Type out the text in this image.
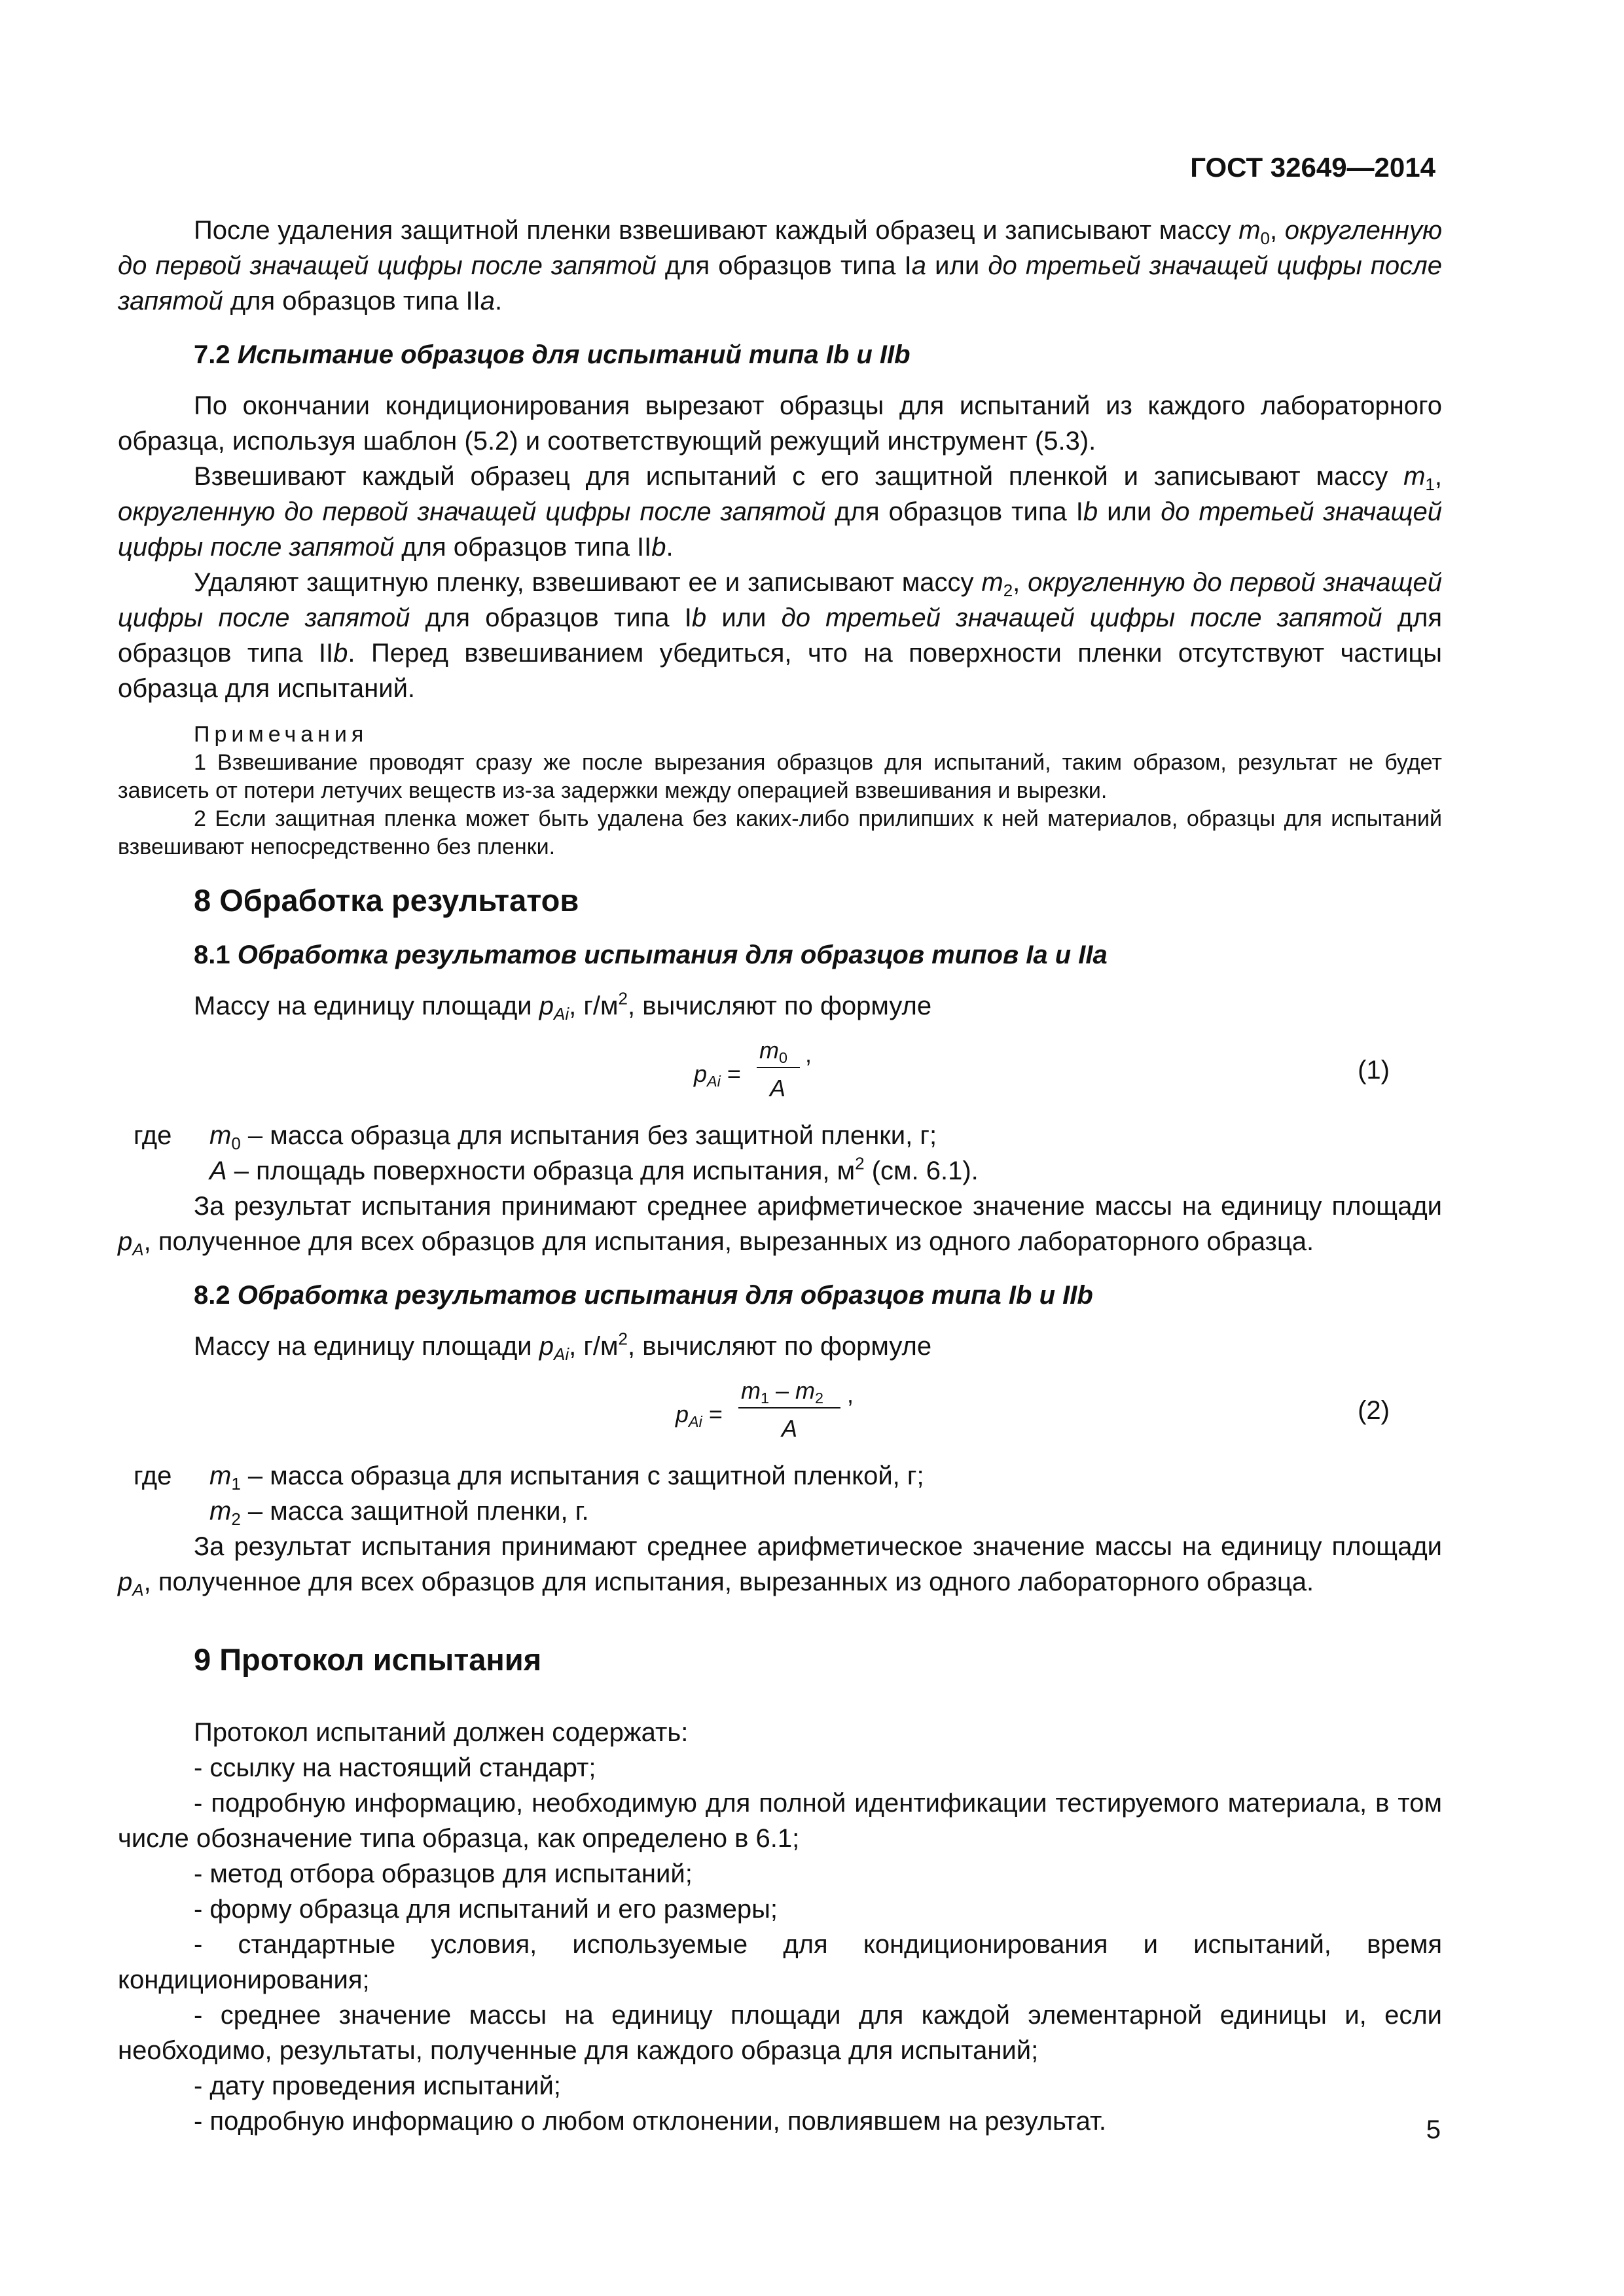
ГОСТ 32649—2014

После удаления защитной пленки взвешивают каждый образец и записывают массу $m_0$, округленную до первой значащей цифры после запятой для образцов типа Ia или до третьей значащей цифры после запятой для образцов типа IIa.

7.2 Испытание образцов для испытаний типа Ib и IIb

По окончании кондиционирования вырезают образцы для испытаний из каждого лабораторного образца, используя шаблон (5.2) и соответствующий режущий инструмент (5.3).

Взвешивают каждый образец для испытаний с его защитной пленкой и записывают массу $m_1$, округленную до первой значащей цифры после запятой для образцов типа Ib или до третьей значащей цифры после запятой для образцов типа IIb.

Удаляют защитную пленку, взвешивают ее и записывают массу $m_2$, округленную до первой значащей цифры после запятой для образцов типа Ib или до третьей значащей цифры после запятой для образцов типа IIb. Перед взвешиванием убедиться, что на поверхности пленки отсутствуют частицы образца для испытаний.

Примечания

1 Взвешивание проводят сразу же после вырезания образцов для испытаний, таким образом, результат не будет зависеть от потери летучих веществ из-за задержки между операцией взвешивания и вырезки.

2 Если защитная пленка может быть удалена без каких-либо прилипших к ней материалов, образцы для испытаний взвешивают непосредственно без пленки.

8 Обработка результатов
8.1 Обработка результатов испытания для образцов типов Ia и IIa

Массу на единицу площади $p_{Ai}$, $г/м^2$, вычисляют по формуле

$p_{Ai}$ =
$m_0$
A
,
(1)
где	$m_0$ – масса образца для испытания без защитной пленки, г;
A – площадь поверхности образца для испытания, $м^2$ (см. 6.1).

За результат испытания принимают среднее арифметическое значение массы на единицу площади $p_A$, полученное для всех образцов для испытания, вырезанных из одного лабораторного образца.

8.2 Обработка результатов испытания для образцов типа Ib и IIb

Массу на единицу площади $p_{Ai}$, $г/м^2$, вычисляют по формуле

$p_{Ai}$ =
$m_1 - m_2$
A
,
(2)
где	$m_1$ – масса образца для испытания с защитной пленкой, г;
$m_2$ – масса защитной пленки, г.

За результат испытания принимают среднее арифметическое значение массы на единицу площади $p_A$, полученное для всех образцов для испытания, вырезанных из одного лабораторного образца.

9 Протокол испытания

Протокол испытаний должен содержать:

- ссылку на настоящий стандарт;

- подробную информацию, необходимую для полной идентификации тестируемого материала, в том числе обозначение типа образца, как определено в 6.1;

- метод отбора образцов для испытаний;

- форму образца для испытаний и его размеры;

- стандартные условия, используемые для кондиционирования и испытаний, время кондиционирования;

- среднее значение массы на единицу площади для каждой элементарной единицы и, если необходимо, результаты, полученные для каждого образца для испытаний;

- дату проведения испытаний;

- подробную информацию о любом отклонении, повлиявшем на результат.	5
